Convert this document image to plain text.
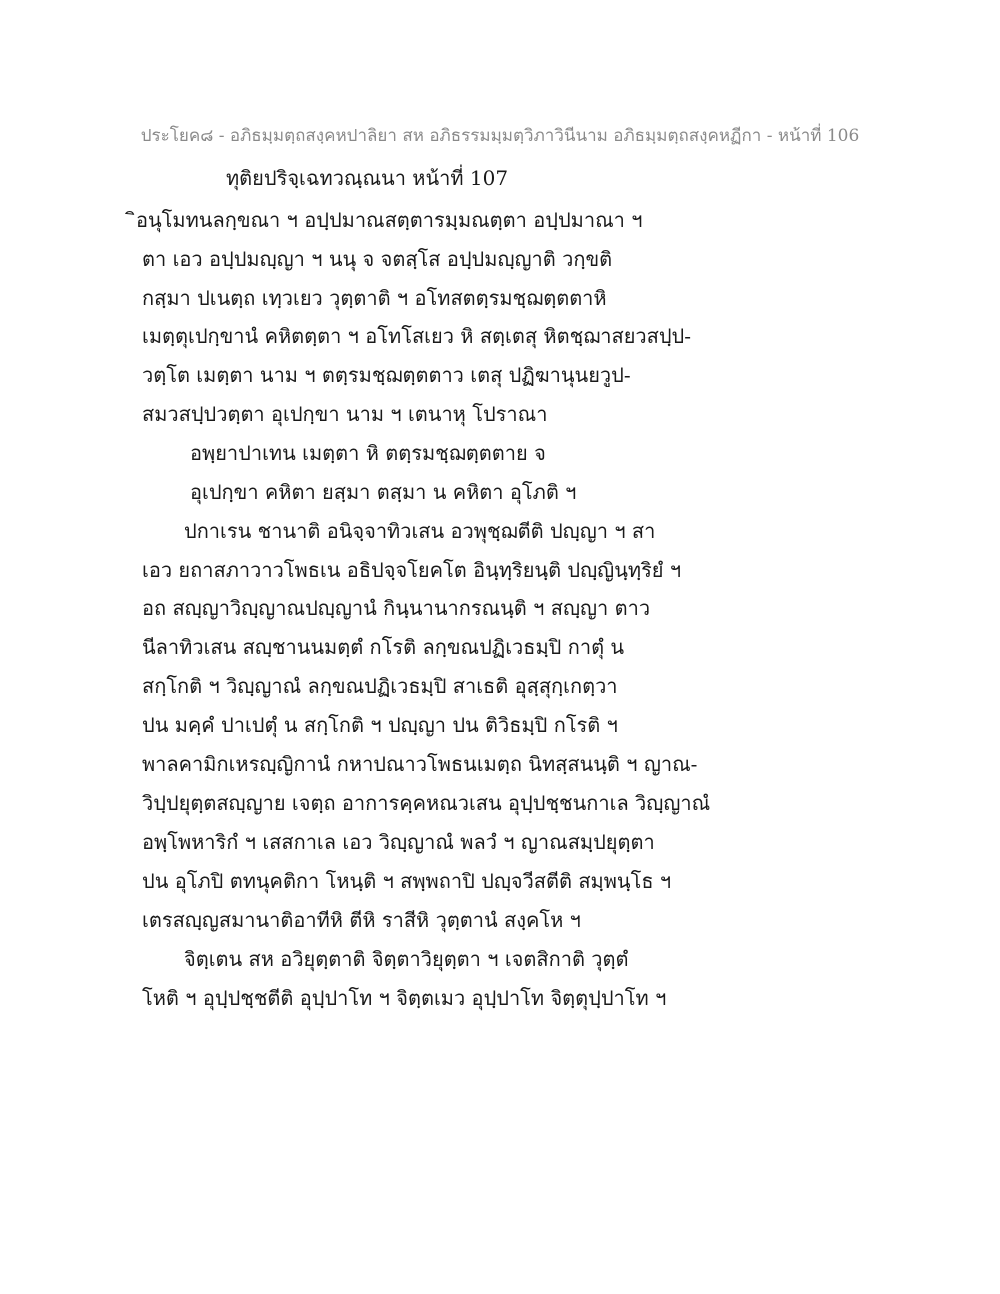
ประโยค๘ - อภิธมฺมตฺถสงฺคหปาลิยา สห อภิธรรมมฺมตฺวิภาวินีนาม อภิธมฺมตฺถสงฺคหฏีกา - หน้าที่ 106
ทุติยปริจฺเฉทวณฺณนา หน้าที่ 107
ิอนุโมทนลกฺขณา ฯ อปฺปมาณสตฺตารมฺมณตฺตา อปฺปมาณา ฯ
ตา เอว อปฺปมญฺญา ฯ นนุ จ จตสฺโส อปฺปมญฺญาติ วกฺขติ
กสฺมา ปเนตฺถ เทฺวเยว วุตฺตาติ ฯ อโทสตตฺรมชฺฌตฺตตาหิ
เมตฺตุเปกฺขานํ คหิตตฺตา ฯ อโทโสเยว หิ สตฺเตสุ หิตชฺฌาสยวสปฺป-
วตฺโต เมตฺตา นาม ฯ ตตฺรมชฺฌตฺตตาว เตสุ ปฏิฆานุนยวูป-
สมวสปฺปวตฺตา อุเปกฺขา นาม ฯ เตนาหุ โปราณา
อพฺยาปาเทน เมตฺตา หิ ตตฺรมชฺฌตฺตตาย จ
อุเปกฺขา คหิตา ยสฺมา ตสฺมา น คหิตา อุโภติ ฯ
ปกาเรน ชานาติ อนิจฺจาทิวเสน อวพุชฺฌตีติ ปญฺญา ฯ สา
เอว ยถาสภาวาวโพธเน อธิปจฺจโยคโต อินฺทฺริยนฺติ ปญฺญินฺทฺริยํ ฯ
อถ สญฺญาวิญฺญาณปญฺญานํ กินฺนานากรณนฺติ ฯ สญฺญา ตาว
นีลาทิวเสน สญฺชานนมตฺตํ กโรติ ลกฺขณปฏิเวธมฺปิ กาตุํ น
สกฺโกติ ฯ วิญฺญาณํ ลกฺขณปฏิเวธมฺปิ สาเธติ อุสฺสุกฺเกตฺวา
ปน มคฺคํ ปาเปตุํ น สกฺโกติ ฯ ปญฺญา ปน ติวิธมฺปิ กโรติ ฯ
พาลคามิกเหรญฺญิกานํ กหาปณาวโพธนเมตฺถ นิทสฺสนนฺติ ฯ ญาณ-
วิปฺปยุตฺตสญฺญาย เจตฺถ อาการคฺคหณวเสน อุปฺปชฺชนกาเล วิญฺญาณํ
อพฺโพหาริกํ ฯ เสสกาเล เอว วิญฺญาณํ พลวํ ฯ ญาณสมฺปยุตฺตา
ปน อุโภปิ ตทนุคติกา โหนฺติ ฯ สพฺพถาปิ ปญฺจวีสตีติ สมฺพนฺโธ ฯ
เตรสญฺญสมานาติอาทีหิ ตีหิ ราสีหิ วุตฺตานํ สงฺคโห ฯ
จิตฺเตน สห อวิยุตฺตาติ จิตฺตาวิยุตฺตา ฯ เจตสิกาติ วุตฺตํ
โหติ ฯ อุปฺปชฺชตีติ อุปฺปาโท ฯ จิตฺตเมว อุปฺปาโท จิตฺตุปฺปาโท ฯ
